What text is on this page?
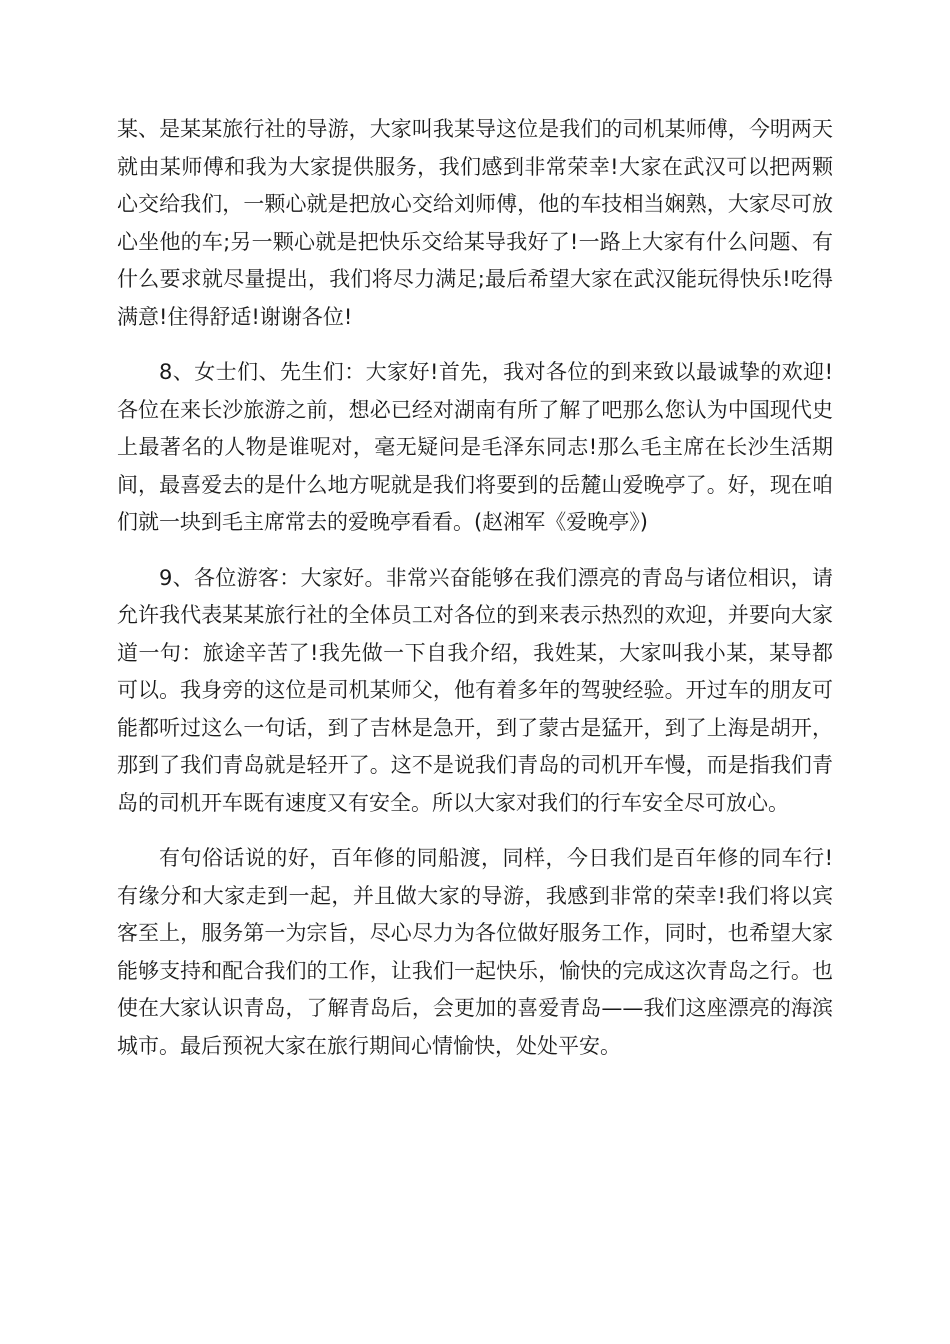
某、是某某旅行社的导游，大家叫我某导这位是我们的司机某师傅，今明两天就由某师傅和我为大家提供服务，我们感到非常荣幸!大家在武汉可以把两颗心交给我们，一颗心就是把放心交给刘师傅，他的车技相当娴熟，大家尽可放心坐他的车;另一颗心就是把快乐交给某导我好了!一路上大家有什么问题、有什么要求就尽量提出，我们将尽力满足;最后希望大家在武汉能玩得快乐!吃得满意!住得舒适!谢谢各位!

8、女士们、先生们：大家好!首先，我对各位的到来致以最诚挚的欢迎!各位在来长沙旅游之前，想必已经对湖南有所了解了吧那么您认为中国现代史上最著名的人物是谁呢对，毫无疑问是毛泽东同志!那么毛主席在长沙生活期间，最喜爱去的是什么地方呢就是我们将要到的岳麓山爱晚亭了。好，现在咱们就一块到毛主席常去的爱晚亭看看。(赵湘军《爱晚亭》)

9、各位游客：大家好。非常兴奋能够在我们漂亮的青岛与诸位相识，请允许我代表某某旅行社的全体员工对各位的到来表示热烈的欢迎，并要向大家道一句：旅途辛苦了!我先做一下自我介绍，我姓某，大家叫我小某，某导都可以。我身旁的这位是司机某师父，他有着多年的驾驶经验。开过车的朋友可能都听过这么一句话，到了吉林是急开，到了蒙古是猛开，到了上海是胡开，那到了我们青岛就是轻开了。这不是说我们青岛的司机开车慢，而是指我们青岛的司机开车既有速度又有安全。所以大家对我们的行车安全尽可放心。

有句俗话说的好，百年修的同船渡，同样，今日我们是百年修的同车行!有缘分和大家走到一起，并且做大家的导游，我感到非常的荣幸!我们将以宾客至上，服务第一为宗旨，尽心尽力为各位做好服务工作，同时，也希望大家能够支持和配合我们的工作，让我们一起快乐，愉快的完成这次青岛之行。也使在大家认识青岛，了解青岛后，会更加的喜爱青岛——我们这座漂亮的海滨城市。最后预祝大家在旅行期间心情愉快，处处平安。
